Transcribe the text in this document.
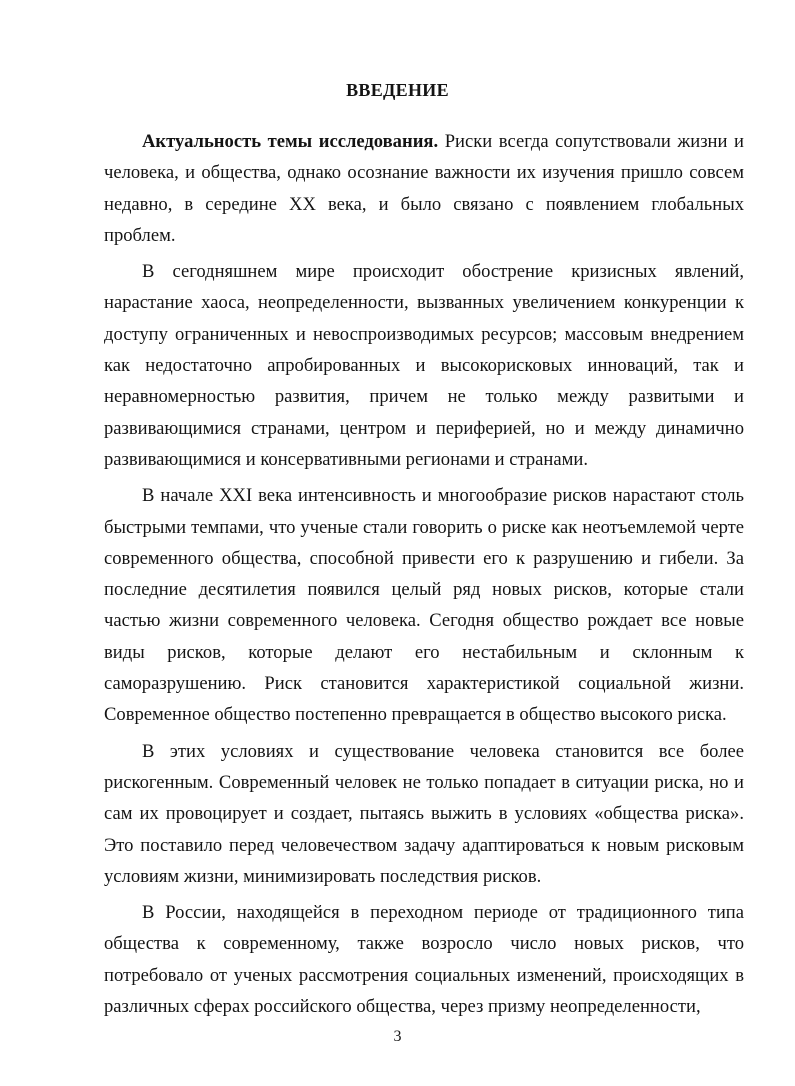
ВВЕДЕНИЕ

Актуальность темы исследования. Риски всегда сопутствовали жизни и человека, и общества, однако осознание важности их изучения пришло совсем недавно, в середине XX века, и было связано с появлением глобальных проблем.

В сегодняшнем мире происходит обострение кризисных явлений, нарастание хаоса, неопределенности, вызванных увеличением конкуренции к доступу ограниченных и невоспроизводимых ресурсов; массовым внедрением как недостаточно апробированных и высокорисковых инноваций, так и неравномерностью развития, причем не только между развитыми и развивающимися странами, центром и периферией, но и между динамично развивающимися и консервативными регионами и странами.

В начале XXI века интенсивность и многообразие рисков нарастают столь быстрыми темпами, что ученые стали говорить о риске как неотъемлемой черте современного общества, способной привести его к разрушению и гибели. За последние десятилетия появился целый ряд новых рисков, которые стали частью жизни современного человека. Сегодня общество рождает все новые виды рисков, которые делают его нестабильным и склонным к саморазрушению. Риск становится характеристикой социальной жизни. Современное общество постепенно превращается в общество высокого риска.

В этих условиях и существование человека становится все более рискогенным. Современный человек не только попадает в ситуации риска, но и сам их провоцирует и создает, пытаясь выжить в условиях «общества риска». Это поставило перед человечеством задачу адаптироваться к новым рисковым условиям жизни, минимизировать последствия рисков.

В России, находящейся в переходном периоде от традиционного типа общества к современному, также возросло число новых рисков, что потребовало от ученых рассмотрения социальных изменений, происходящих в различных сферах российского общества, через призму неопределенности,

3
